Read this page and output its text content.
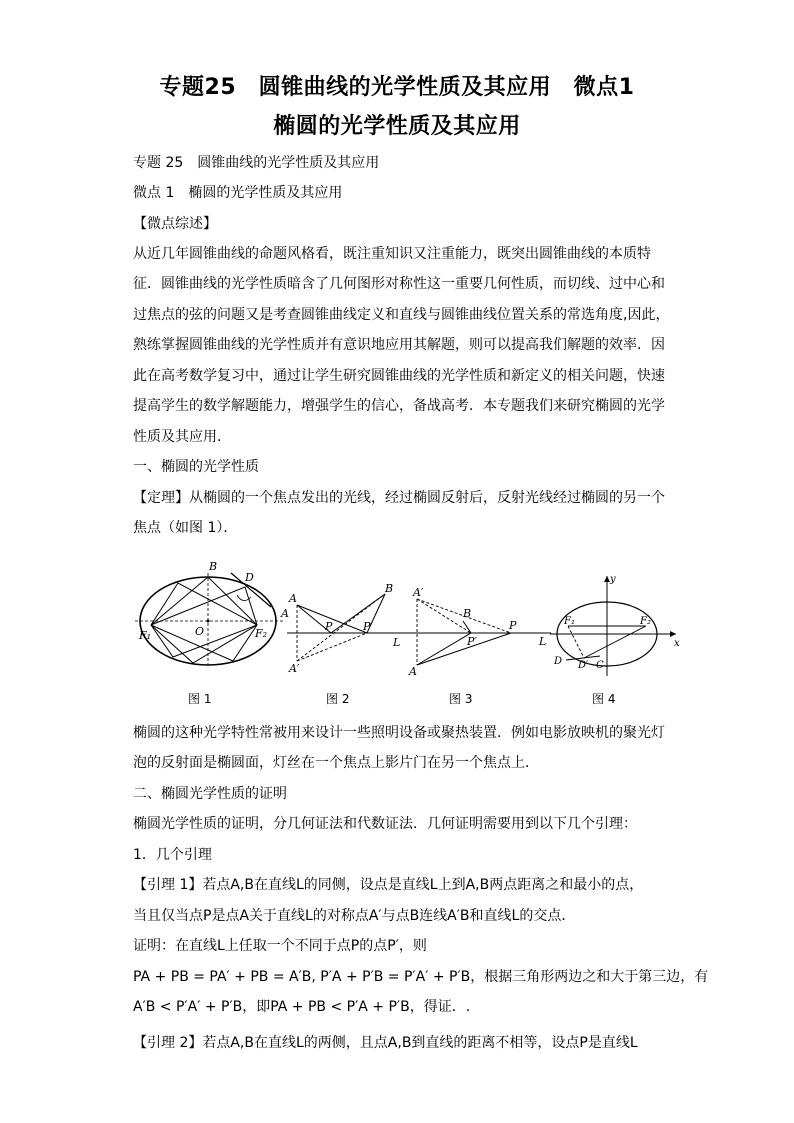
专题25　圆锥曲线的光学性质及其应用　微点1
椭圆的光学性质及其应用
专题 25　圆锥曲线的光学性质及其应用
微点 1　椭圆的光学性质及其应用
【微点综述】
从近几年圆锥曲线的命题风格看，既注重知识又注重能力，既突出圆锥曲线的本质特
征．圆锥曲线的光学性质暗含了几何图形对称性这一重要几何性质，而切线、过中心和
过焦点的弦的问题又是考查圆锥曲线定义和直线与圆锥曲线位置关系的常选角度,因此，
熟练掌握圆锥曲线的光学性质并有意识地应用其解题，则可以提高我们解题的效率．因
此在高考数学复习中，通过让学生研究圆锥曲线的光学性质和新定义的相关问题，快速
提高学生的数学解题能力，增强学生的信心，备战高考．本专题我们来研究椭圆的光学
性质及其应用．
一、椭圆的光学性质
【定理】从椭圆的一个焦点发出的光线，经过椭圆反射后，反射光线经过椭圆的另一个
焦点（如图 1）．
B
D
A
F₁	O	F₂
A
B
P	P′
L
A′
A′
B
P
P′	L
A
y
x
F₁	F₂
D D′ C
图 1	图 2	图 3	图 4
椭圆的这种光学特性常被用来设计一些照明设备或聚热装置．例如电影放映机的聚光灯
泡的反射面是椭圆面，灯丝在一个焦点上影片门在另一个焦点上．
二、椭圆光学性质的证明
椭圆光学性质的证明，分几何证法和代数证法．几何证明需要用到以下几个引理：
1．几个引理
【引理 1】若点A,B在直线L的同侧，设点是直线L上到A,B两点距离之和最小的点，
当且仅当点P是点A关于直线L的对称点A′与点B连线A′B和直线L的交点．
证明：在直线L上任取一个不同于点P的点P′，则
PA + PB = PA′ + PB = A′B, P′A + P′B = P′A′ + P′B，根据三角形两边之和大于第三边，有
A′B < P′A′ + P′B，即PA + PB < P′A + P′B，得证．.
【引理 2】若点A,B在直线L的两侧，且点A,B到直线的距离不相等，设点P是直线L
